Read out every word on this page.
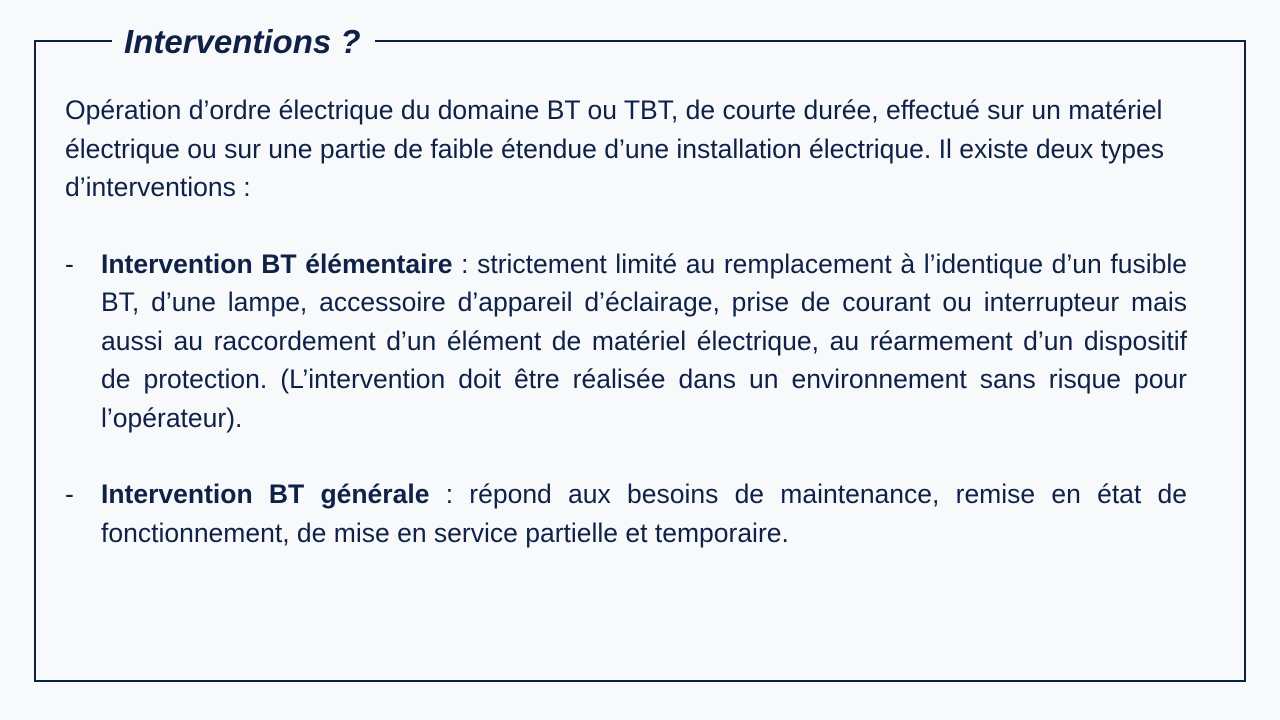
Interventions ?

Opération d’ordre électrique du domaine BT ou TBT, de courte durée, effectué sur un matériel électrique ou sur une partie de faible étendue d’une installation électrique. Il existe deux types d’interventions :

-	Intervention BT élémentaire : strictement limité au remplacement à l’identique d’un fusible BT, d’une lampe, accessoire d’appareil d’éclairage, prise de courant ou interrupteur mais aussi au raccordement d’un élément de matériel électrique, au réarmement d’un dispositif de protection. (L’intervention doit être réalisée dans un environnement sans risque pour l’opérateur).
-	Intervention BT générale : répond aux besoins de maintenance, remise en état de fonctionnement, de mise en service partielle et temporaire.
